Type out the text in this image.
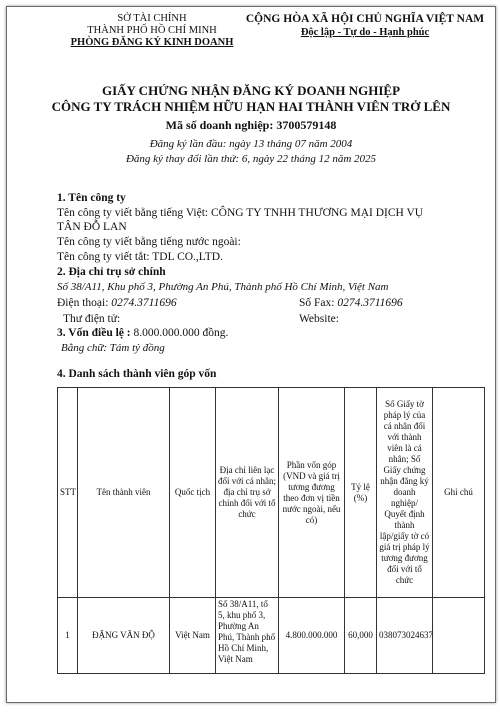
SỞ TÀI CHÍNH
THÀNH PHỐ HỒ CHÍ MINH
PHÒNG ĐĂNG KÝ KINH DOANH
CỘNG HÒA XÃ HỘI CHỦ NGHĨA VIỆT NAM
Độc lập - Tự do - Hạnh phúc
GIẤY CHỨNG NHẬN ĐĂNG KÝ DOANH NGHIỆP
CÔNG TY TRÁCH NHIỆM HỮU HẠN HAI THÀNH VIÊN TRỞ LÊN
Mã số doanh nghiệp: 3700579148
Đăng ký lần đầu: ngày 13 tháng 07 năm 2004
Đăng ký thay đổi lần thứ: 6, ngày 22 tháng 12 năm 2025
1. Tên công ty
Tên công ty viết bằng tiếng Việt: CÔNG TY TNHH THƯƠNG MẠI DỊCH VỤ
TÂN ĐỖ LAN
Tên công ty viết bằng tiếng nước ngoài:
Tên công ty viết tắt: TDL CO.,LTD.
2. Địa chỉ trụ sở chính
Số 38/A11, Khu phố 3, Phường An Phú, Thành phố Hồ Chí Minh, Việt Nam
Điện thoại: 0274.3711696	Số Fax: 0274.3711696
Thư điện tử:	Website:
3. Vốn điều lệ : 8.000.000.000 đồng.
Bằng chữ: Tám tỷ đồng
4. Danh sách thành viên góp vốn
STT	Tên thành viên	Quốc tịch	Địa chỉ liên lạc đối với cá nhân; địa chỉ trụ sở chính đối với tổ chức	Phần vốn góp (VND và giá trị tương đương theo đơn vị tiền nước ngoài, nếu có)	Tỷ lệ (%)	Số Giấy tờ pháp lý của cá nhân đối với thành viên là cá nhân; Số Giấy chứng nhận đăng ký doanh nghiệp/ Quyết định thành lập/giấy tờ có giá trị pháp lý tương đương đối với tổ chức	Ghi chú
1	ĐẶNG VĂN ĐỘ	Việt Nam	Số 38/A11, tổ 5, khu phố 3, Phường An Phú, Thành phố Hồ Chí Minh, Việt Nam	4.800.000.000	60,000	038073024637	
